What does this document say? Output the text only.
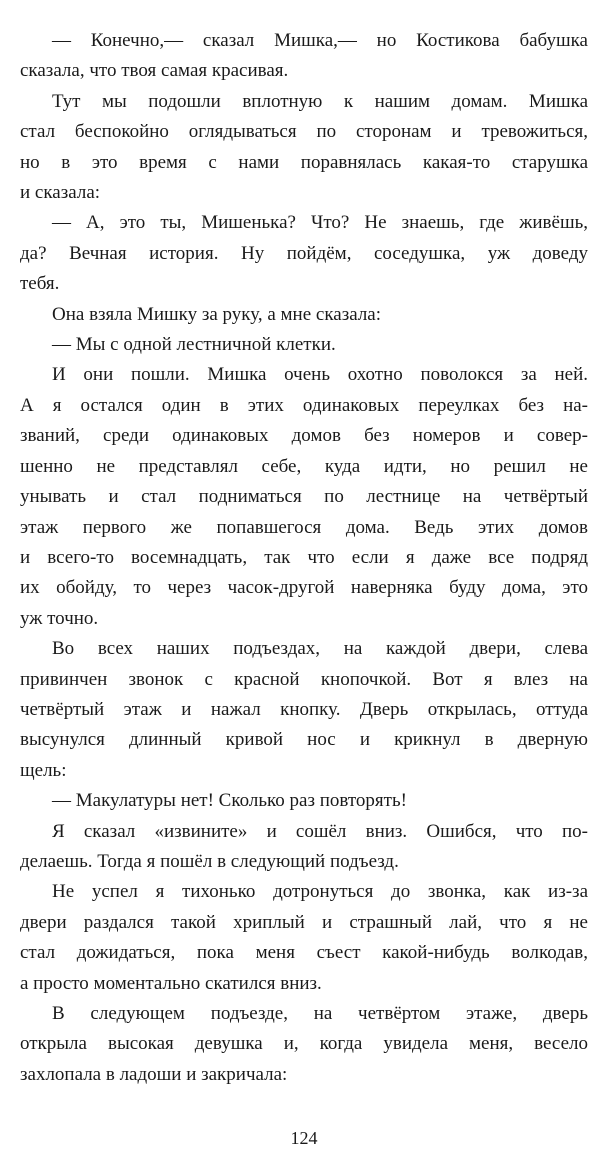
— Конечно,— сказал Мишка,— но Костикова бабушка
сказала, что твоя самая красивая.
Тут мы подошли вплотную к нашим домам. Мишка
стал беспокойно оглядываться по сторонам и тревожиться,
но в это время с нами поравнялась какая-то старушка
и сказала:
— А, это ты, Мишенька? Что? Не знаешь, где живёшь,
да? Вечная история. Ну пойдём, соседушка, уж доведу
тебя.
Она взяла Мишку за руку, а мне сказала:
— Мы с одной лестничной клетки.
И они пошли. Мишка очень охотно поволокся за ней.
А я остался один в этих одинаковых переулках без на-
званий, среди одинаковых домов без номеров и совер-
шенно не представлял себе, куда идти, но решил не
унывать и стал подниматься по лестнице на четвёртый
этаж первого же попавшегося дома. Ведь этих домов
и всего-то восемнадцать, так что если я даже все подряд
их обойду, то через часок-другой наверняка буду дома, это
уж точно.
Во всех наших подъездах, на каждой двери, слева
привинчен звонок с красной кнопочкой. Вот я влез на
четвёртый этаж и нажал кнопку. Дверь открылась, оттуда
высунулся длинный кривой нос и крикнул в дверную
щель:
— Макулатуры нет! Сколько раз повторять!
Я сказал «извините» и сошёл вниз. Ошибся, что по-
делаешь. Тогда я пошёл в следующий подъезд.
Не успел я тихонько дотронуться до звонка, как из-за
двери раздался такой хриплый и страшный лай, что я не
стал дожидаться, пока меня съест какой-нибудь волкодав,
а просто моментально скатился вниз.
В следующем подъезде, на четвёртом этаже, дверь
открыла высокая девушка и, когда увидела меня, весело
захлопала в ладоши и закричала:
124
